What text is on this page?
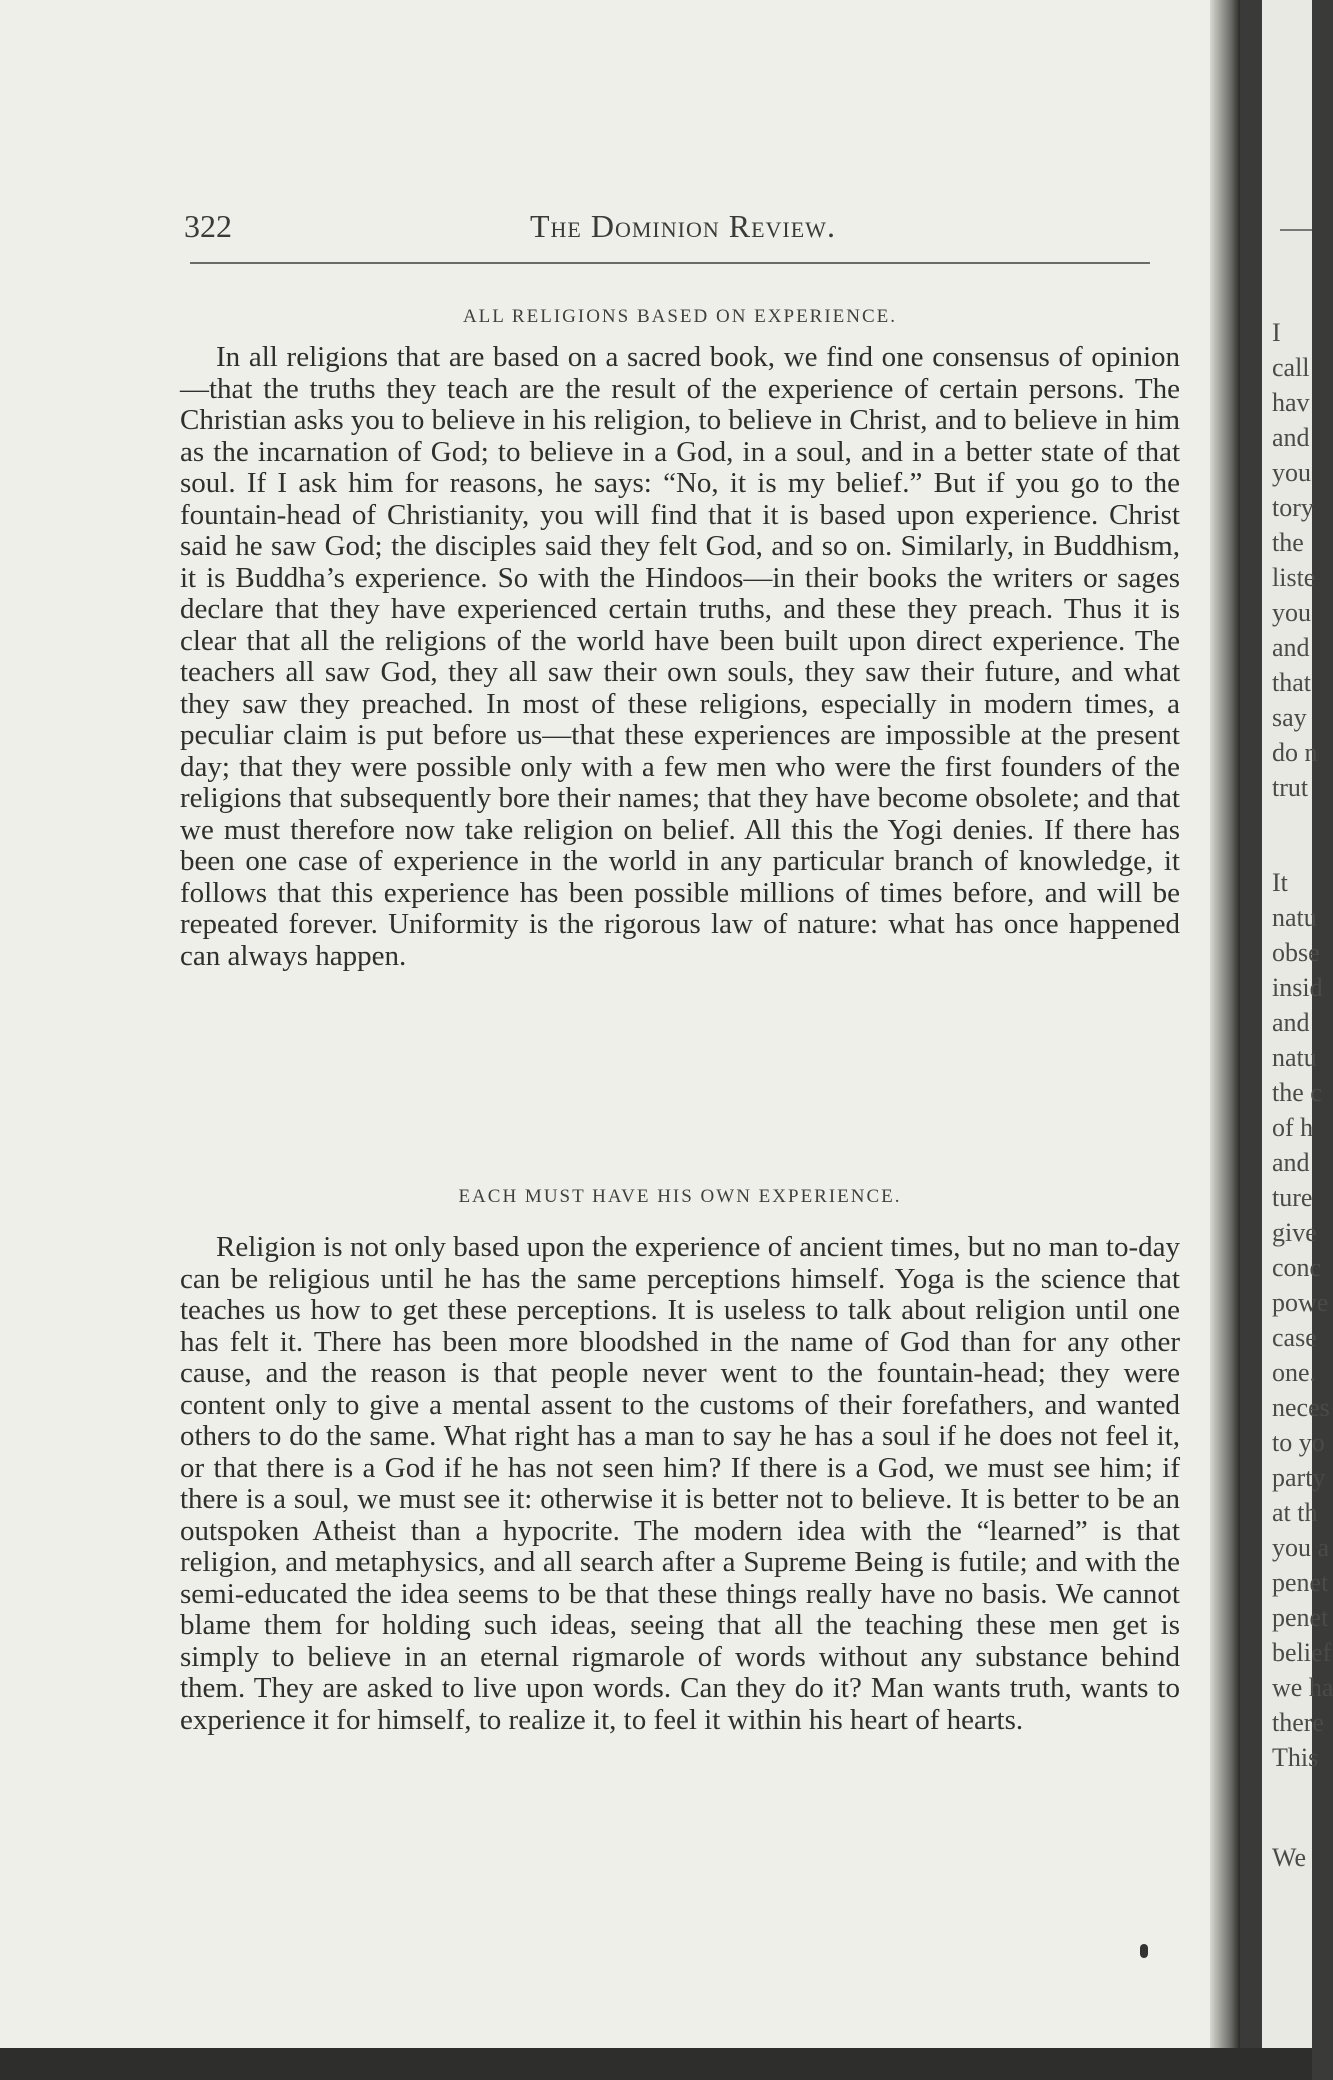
322	The Dominion Review.
ALL RELIGIONS BASED ON EXPERIENCE.

In all religions that are based on a sacred book, we find one consensus of opinion—that the truths they teach are the result of the experience of certain persons. The Christian asks you to believe in his religion, to believe in Christ, and to believe in him as the incarnation of God; to believe in a God, in a soul, and in a better state of that soul. If I ask him for reasons, he says: “No, it is my belief.” But if you go to the fountain-head of Christianity, you will find that it is based upon experience. Christ said he saw God; the disciples said they felt God, and so on. Similarly, in Buddhism, it is Buddha’s experience. So with the Hindoos—in their books the writers or sages declare that they have experienced certain truths, and these they preach. Thus it is clear that all the religions of the world have been built upon direct experience. The teachers all saw God, they all saw their own souls, they saw their future, and what they saw they preached. In most of these religions, especially in modern times, a peculiar claim is put before us—that these experiences are impossible at the present day; that they were possible only with a few men who were the first founders of the religions that subsequently bore their names; that they have become obsolete; and that we must therefore now take religion on belief. All this the Yogi denies. If there has been one case of experience in the world in any particular branch of knowledge, it follows that this experience has been possible millions of times before, and will be repeated forever. Uniformity is the rigorous law of nature: what has once happened can always happen.

EACH MUST HAVE HIS OWN EXPERIENCE.

Religion is not only based upon the experience of ancient times, but no man to-day can be religious until he has the same perceptions himself. Yoga is the science that teaches us how to get these perceptions. It is useless to talk about religion until one has felt it. There has been more bloodshed in the name of God than for any other cause, and the reason is that people never went to the fountain-head; they were content only to give a mental assent to the customs of their forefathers, and wanted others to do the same. What right has a man to say he has a soul if he does not feel it, or that there is a God if he has not seen him? If there is a God, we must see him; if there is a soul, we must see it: otherwise it is better not to believe. It is better to be an outspoken Atheist than a hypocrite. The modern idea with the “learned” is that religion, and metaphysics, and all search after a Supreme Being is futile; and with the semi-educated the idea seems to be that these things really have no basis. We cannot blame them for holding such ideas, seeing that all the teaching these men get is simply to believe in an eternal rigmarole of words without any substance behind them. They are asked to live upon words. Can they do it? Man wants truth, wants to experience it for himself, to realize it, to feel it within his heart of hearts.

I
call
hav
and
you
tory
the
liste
you
and
that
say
do n
trut
It
natu
obse
insid
and
natu
the c
of h
and
ture
give
conc
powe
case
one.
neces
to yo
party
at th
you a
penet
penet
belief
we ha
there
This
We
